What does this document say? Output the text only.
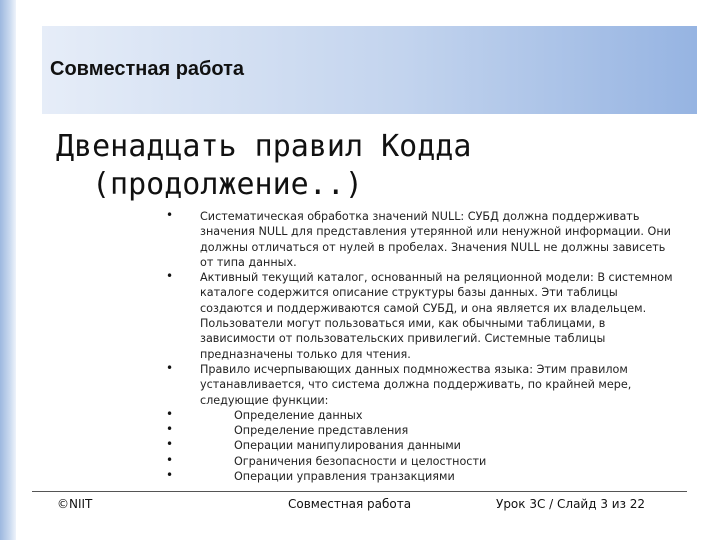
Совместная работа
Двенадцать правил Кодда
(продолжение..)
• Систематическая обработка значений NULL: СУБД должна поддерживать значения NULL для представления утерянной или ненужной информации. Они должны отличаться от нулей в пробелах. Значения NULL не должны зависеть от типа данных.
• Активный текущий каталог, основанный на реляционной модели: В системном каталоге содержится описание структуры базы данных. Эти таблицы создаются и поддерживаются самой СУБД, и она является их владельцем. Пользователи могут пользоваться ими, как обычными таблицами, в зависимости от пользовательских привилегий. Системные таблицы предназначены только для чтения.
• Правило исчерпывающих данных подмножества языка: Этим правилом устанавливается, что система должна поддерживать, по крайней мере, следующие функции:
•	Определение данных
•	Определение представления
•	Операции манипулирования данными
•	Ограничения безопасности и целостности
•	Операции управления транзакциями
©NIIT	Совместная работа	Урок 3C / Слайд 3 из 22
